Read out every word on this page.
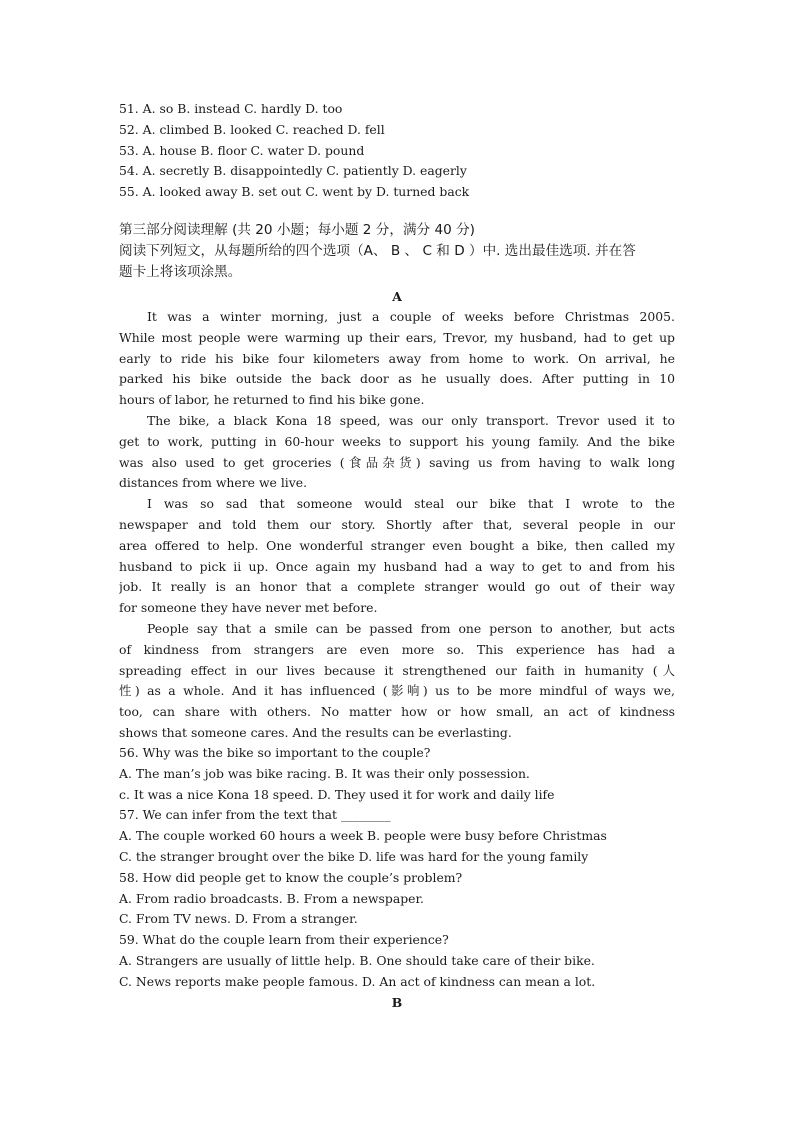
51. A. so B. instead C. hardly D. too
52. A. climbed B. looked C. reached D. fell
53. A. house B. floor C. water D. pound
54. A. secretly B. disappointedly C. patiently D. eagerly
55. A. looked away B. set out C. went by D. turned back
第三部分阅读理解 (共 20 小题；每小题 2 分，满分 40 分)
阅读下列短文，从每题所给的四个选项（A、 B 、 C 和 D ）中. 选出最佳选项. 并在答
题卡上将该项涂黑。
A
It was a winter morning, just a couple of weeks before Christmas 2005.
While most people were warming up their ears, Trevor, my husband, had to get up
early to ride his bike four kilometers away from home to work. On arrival, he
parked his bike outside the back door as he usually does. After putting in 10
hours of labor, he returned to find his bike gone.
The bike, a black Kona 18 speed, was our only transport. Trevor used it to
get to work, putting in 60-hour weeks to support his young family. And the bike
was also used to get groceries (食品杂货) saving us from having to walk long
distances from where we live.
I was so sad that someone would steal our bike that I wrote to the
newspaper and told them our story. Shortly after that, several people in our
area offered to help. One wonderful stranger even bought a bike, then called my
husband to pick ii up. Once again my husband had a way to get to and from his
job. It really is an honor that a complete stranger would go out of their way
for someone they have never met before.
People say that a smile can be passed from one person to another, but acts
of kindness from strangers are even more so. This experience has had a
spreading effect in our lives because it strengthened our faith in humanity (人
性) as a whole. And it has influenced (影响) us to be more mindful of ways we,
too, can share with others. No matter how or how small, an act of kindness
shows that someone cares. And the results can be everlasting.
56. Why was the bike so important to the couple?
A. The man’s job was bike racing. B. It was their only possession.
c. It was a nice Kona 18 speed. D. They used it for work and daily life
57. We can infer from the text that ________
A. The couple worked 60 hours a week B. people were busy before Christmas
C. the stranger brought over the bike D. life was hard for the young family
58. How did people get to know the couple’s problem?
A. From radio broadcasts. B. From a newspaper.
C. From TV news. D. From a stranger.
59. What do the couple learn from their experience?
A. Strangers are usually of little help. B. One should take care of their bike.
C. News reports make people famous. D. An act of kindness can mean a lot.
B
